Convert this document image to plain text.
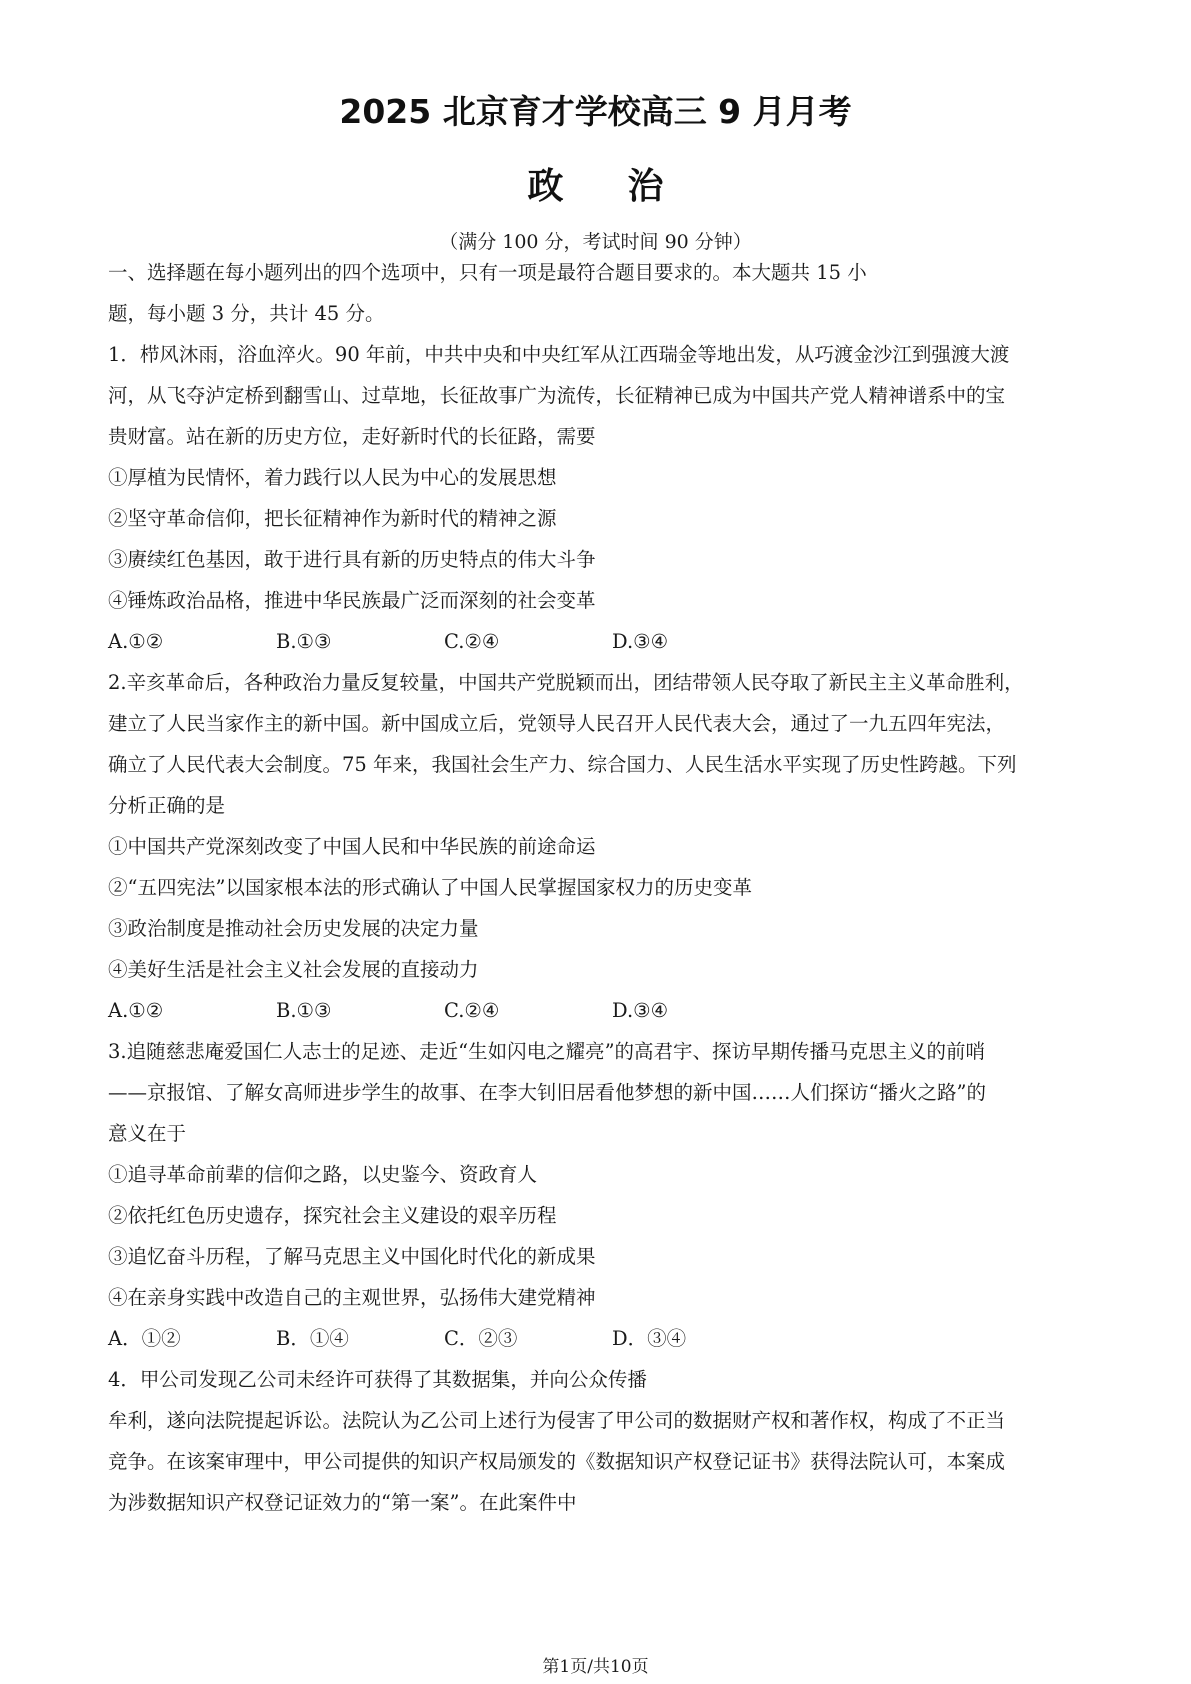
2025 北京育才学校高三 9 月月考
政治
（满分 100 分，考试时间 90 分钟）

一、选择题在每小题列出的四个选项中，只有一项是最符合题目要求的。本大题共 15 小

题，每小题 3 分，共计 45 分。

1．栉风沐雨，浴血淬火。90 年前，中共中央和中央红军从江西瑞金等地出发，从巧渡金沙江到强渡大渡

河，从飞夺泸定桥到翻雪山、过草地，长征故事广为流传，长征精神已成为中国共产党人精神谱系中的宝

贵财富。站在新的历史方位，走好新时代的长征路，需要

①厚植为民情怀，着力践行以人民为中心的发展思想

②坚守革命信仰，把长征精神作为新时代的精神之源

③赓续红色基因，敢于进行具有新的历史特点的伟大斗争

④锤炼政治品格，推进中华民族最广泛而深刻的社会变革

A.①②	B.①③	C.②④	D.③④

2.辛亥革命后，各种政治力量反复较量，中国共产党脱颖而出，团结带领人民夺取了新民主主义革命胜利，

建立了人民当家作主的新中国。新中国成立后，党领导人民召开人民代表大会，通过了一九五四年宪法，

确立了人民代表大会制度。75 年来，我国社会生产力、综合国力、人民生活水平实现了历史性跨越。下列

分析正确的是

①中国共产党深刻改变了中国人民和中华民族的前途命运

②“五四宪法”以国家根本法的形式确认了中国人民掌握国家权力的历史变革

③政治制度是推动社会历史发展的决定力量

④美好生活是社会主义社会发展的直接动力

A.①②	B.①③	C.②④	D.③④

3.追随慈悲庵爱国仁人志士的足迹、走近“生如闪电之耀亮”的高君宇、探访早期传播马克思主义的前哨

——京报馆、了解女高师进步学生的故事、在李大钊旧居看他梦想的新中国……人们探访“播火之路”的

意义在于

①追寻革命前辈的信仰之路，以史鉴今、资政育人

②依托红色历史遗存，探究社会主义建设的艰辛历程

③追忆奋斗历程，了解马克思主义中国化时代化的新成果

④在亲身实践中改造自己的主观世界，弘扬伟大建党精神

A．①②	B．①④	C．②③	D．③④

4．甲公司发现乙公司未经许可获得了其数据集，并向公众传播

牟利，遂向法院提起诉讼。法院认为乙公司上述行为侵害了甲公司的数据财产权和著作权，构成了不正当

竞争。在该案审理中，甲公司提供的知识产权局颁发的《数据知识产权登记证书》获得法院认可，本案成

为涉数据知识产权登记证效力的“第一案”。在此案件中

第1页/共10页
